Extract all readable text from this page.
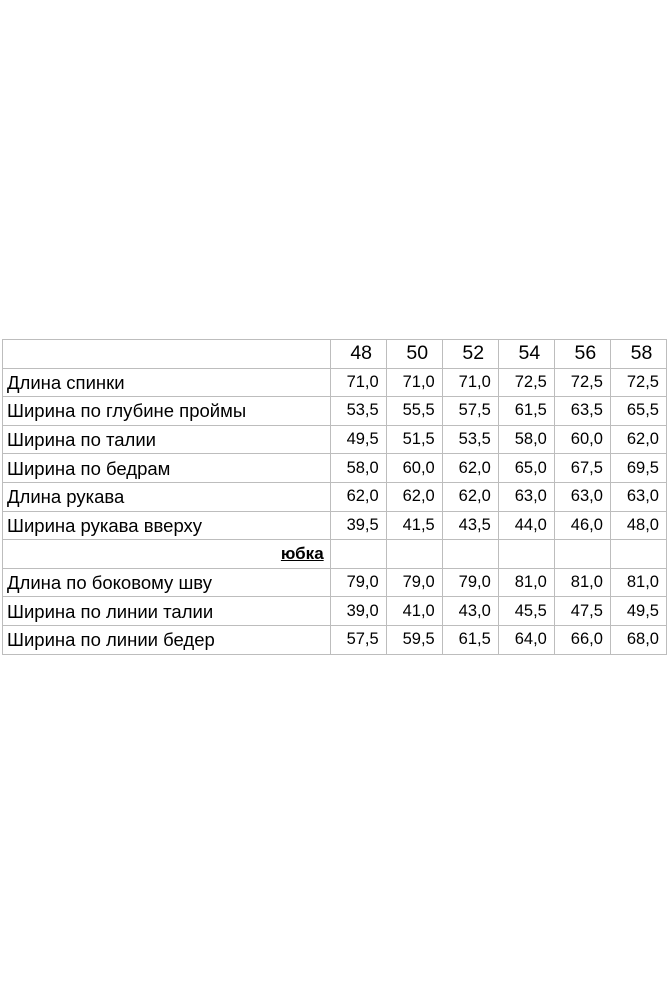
	48	50	52	54	56	58
Длина спинки	71,0	71,0	71,0	72,5	72,5	72,5
Ширина по глубине проймы	53,5	55,5	57,5	61,5	63,5	65,5
Ширина по талии	49,5	51,5	53,5	58,0	60,0	62,0
Ширина по бедрам	58,0	60,0	62,0	65,0	67,5	69,5
Длина рукава	62,0	62,0	62,0	63,0	63,0	63,0
Ширина рукава вверху	39,5	41,5	43,5	44,0	46,0	48,0
юбка						
Длина по боковому шву	79,0	79,0	79,0	81,0	81,0	81,0
Ширина по линии талии	39,0	41,0	43,0	45,5	47,5	49,5
Ширина по линии бедер	57,5	59,5	61,5	64,0	66,0	68,0
